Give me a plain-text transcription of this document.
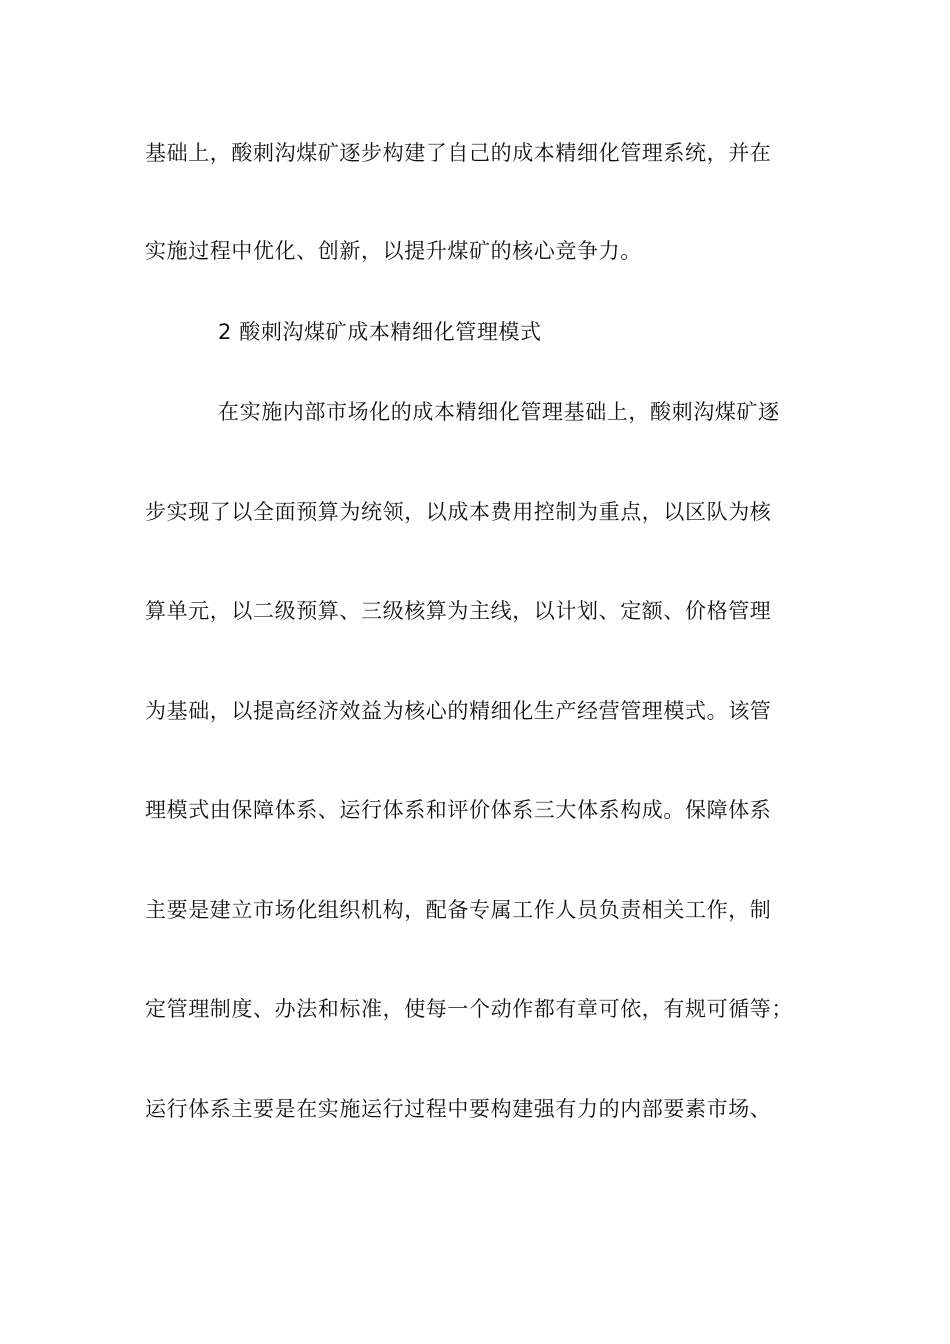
基础上，酸刺沟煤矿逐步构建了自己的成本精细化管理系统，并在
实施过程中优化、创新，以提升煤矿的核心竞争力。
2 酸刺沟煤矿成本精细化管理模式
在实施内部市场化的成本精细化管理基础上，酸刺沟煤矿逐
步实现了以全面预算为统领，以成本费用控制为重点，以区队为核
算单元，以二级预算、三级核算为主线，以计划、定额、价格管理
为基础，以提高经济效益为核心的精细化生产经营管理模式。该管
理模式由保障体系、运行体系和评价体系三大体系构成。保障体系
主要是建立市场化组织机构，配备专属工作人员负责相关工作，制
定管理制度、办法和标准，使每一个动作都有章可依，有规可循等；
运行体系主要是在实施运行过程中要构建强有力的内部要素市场、
